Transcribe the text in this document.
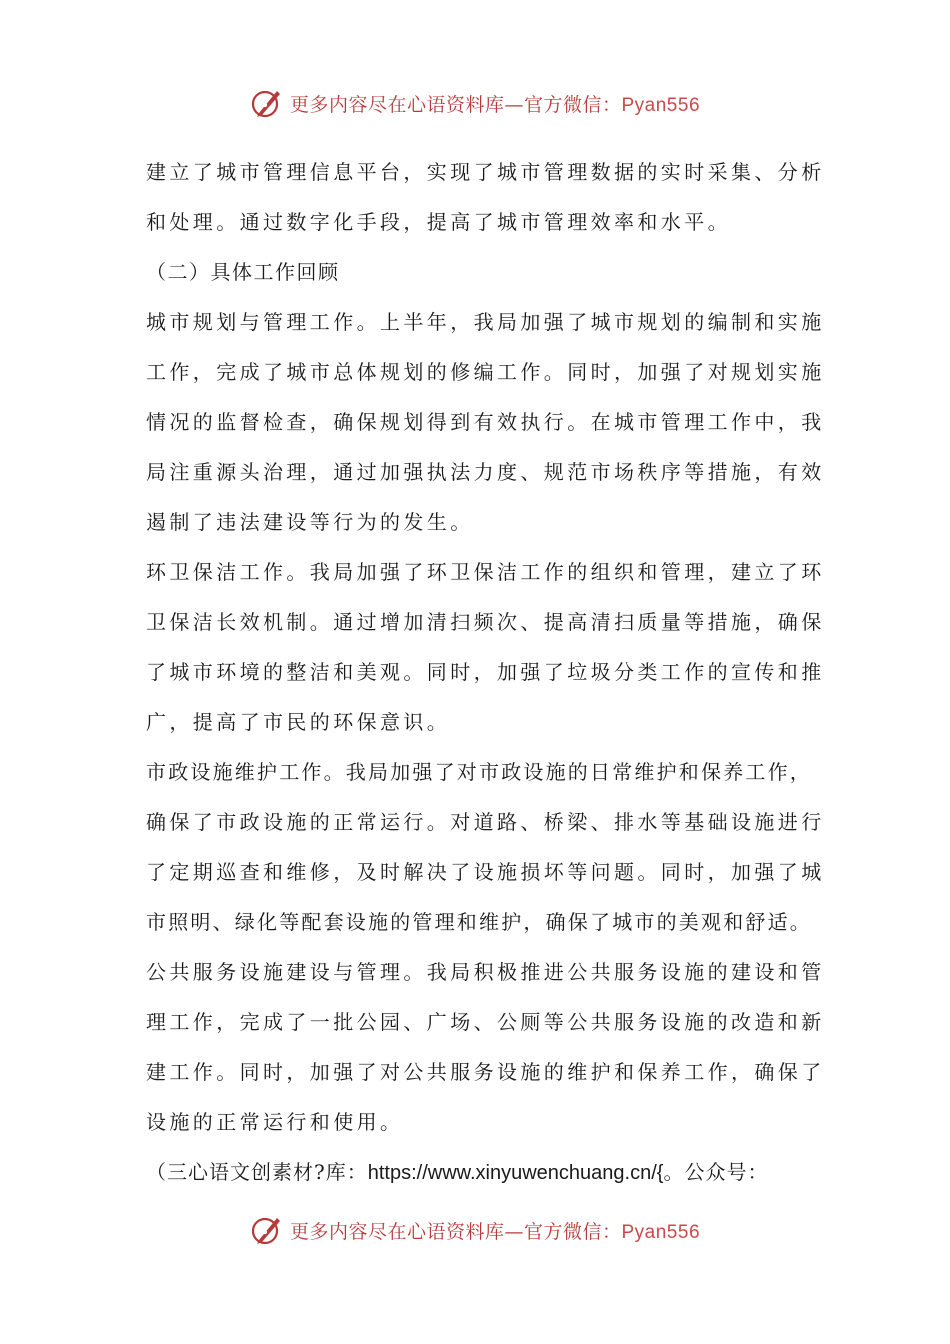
更多内容尽在心语资料库—官方微信：Pyan556
建立了城市管理信息平台，实现了城市管理数据的实时采集、分析
和处理。通过数字化手段，提高了城市管理效率和水平。
（二）具体工作回顾
城市规划与管理工作。上半年，我局加强了城市规划的编制和实施
工作，完成了城市总体规划的修编工作。同时，加强了对规划实施
情况的监督检查，确保规划得到有效执行。在城市管理工作中，我
局注重源头治理，通过加强执法力度、规范市场秩序等措施，有效
遏制了违法建设等行为的发生。
环卫保洁工作。我局加强了环卫保洁工作的组织和管理，建立了环
卫保洁长效机制。通过增加清扫频次、提高清扫质量等措施，确保
了城市环境的整洁和美观。同时，加强了垃圾分类工作的宣传和推
广，提高了市民的环保意识。
市政设施维护工作。我局加强了对市政设施的日常维护和保养工作，
确保了市政设施的正常运行。对道路、桥梁、排水等基础设施进行
了定期巡查和维修，及时解决了设施损坏等问题。同时，加强了城
市照明、绿化等配套设施的管理和维护，确保了城市的美观和舒适。
公共服务设施建设与管理。我局积极推进公共服务设施的建设和管
理工作，完成了一批公园、广场、公厕等公共服务设施的改造和新
建工作。同时，加强了对公共服务设施的维护和保养工作，确保了
设施的正常运行和使用。
（三心语文创素材?库：https://www.xinyuwenchuang.cn/{。公众号：
更多内容尽在心语资料库—官方微信：Pyan556
